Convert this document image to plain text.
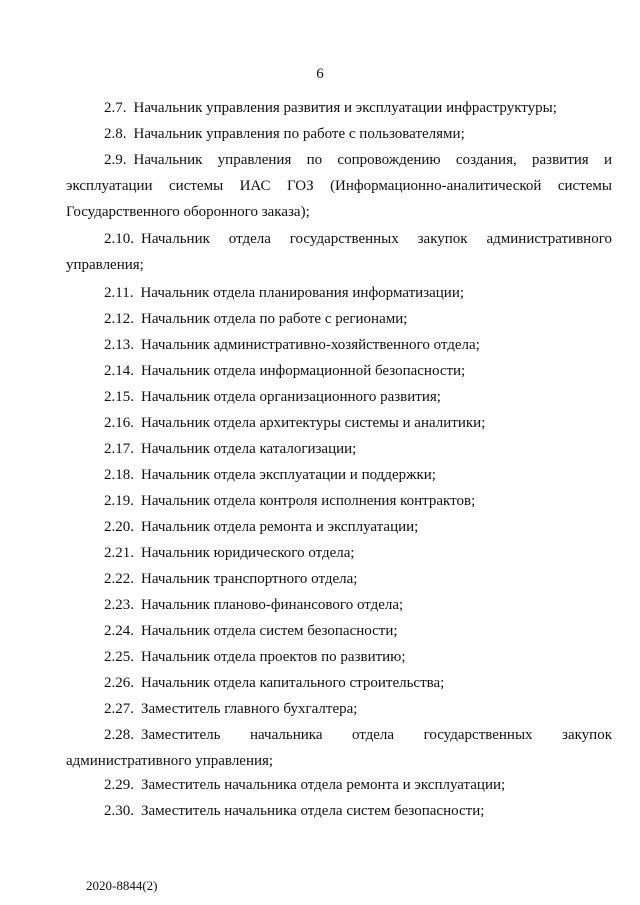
6
2.7. Начальник управления развития и эксплуатации инфраструктуры;
2.8. Начальник управления по работе с пользователями;
2.9. Начальник управления по сопровождению создания, развития и
эксплуатации системы ИАС ГОЗ (Информационно-аналитической системы
Государственного оборонного заказа);
2.10. Начальник отдела государственных закупок административного
управления;
2.11. Начальник отдела планирования информатизации;
2.12. Начальник отдела по работе с регионами;
2.13. Начальник административно-хозяйственного отдела;
2.14. Начальник отдела информационной безопасности;
2.15. Начальник отдела организационного развития;
2.16. Начальник отдела архитектуры системы и аналитики;
2.17. Начальник отдела каталогизации;
2.18. Начальник отдела эксплуатации и поддержки;
2.19. Начальник отдела контроля исполнения контрактов;
2.20. Начальник отдела ремонта и эксплуатации;
2.21. Начальник юридического отдела;
2.22. Начальник транспортного отдела;
2.23. Начальник планово-финансового отдела;
2.24. Начальник отдела систем безопасности;
2.25. Начальник отдела проектов по развитию;
2.26. Начальник отдела капитального строительства;
2.27. Заместитель главного бухгалтера;
2.28. Заместитель начальника отдела государственных закупок
административного управления;
2.29. Заместитель начальника отдела ремонта и эксплуатации;
2.30. Заместитель начальника отдела систем безопасности;
2020-8844(2)
